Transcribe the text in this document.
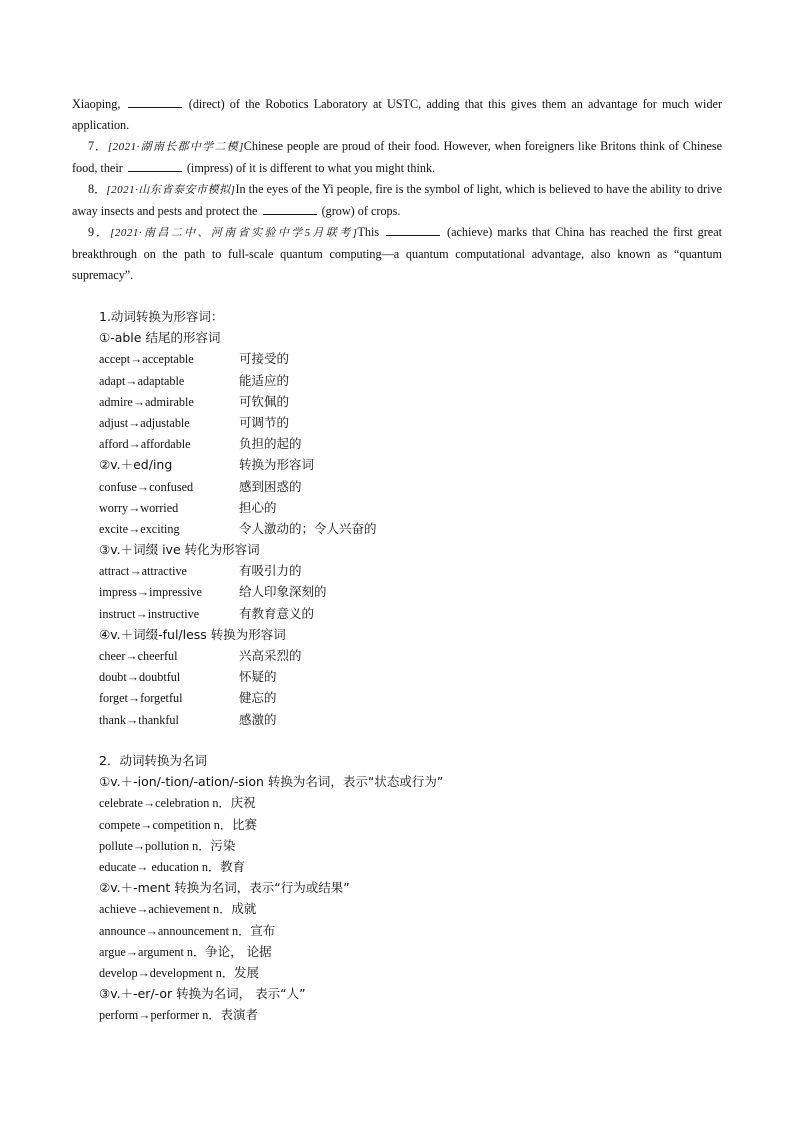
Xiaoping,	(direct) of the Robotics Laboratory at USTC, adding that this gives them an advantage for much wider application.

7．[2021·湖南长郡中学二模]Chinese people are proud of their food. However, when foreigners like Britons think of Chinese food, their	(impress) of it is different to what you might think.

8．[2021·山东省泰安市模拟]In the eyes of the Yi people, fire is the symbol of light, which is believed to have the ability to drive away insects and pests and protect the	(grow) of crops.

9．[2021·南昌二中、河南省实验中学5月联考]This	(achieve) marks that China has reached the first great breakthrough on the path to full-scale quantum computing—a quantum computational advantage, also known as “quantum supremacy”.

1.动词转换为形容词：
①-able 结尾的形容词
accept→acceptable	可接受的
adapt→adaptable	能适应的
admire→admirable	可钦佩的
adjust→adjustable	可调节的
afford→affordable	负担的起的
②v.＋ed/ing	转换为形容词
confuse→confused	感到困惑的
worry→worried	担心的
excite→exciting	令人激动的；令人兴奋的
③v.＋词缀 ive 转化为形容词
attract→attractive	有吸引力的
impress→impressive	给人印象深刻的
instruct→instructive	有教育意义的
④v.＋词缀-ful/less 转换为形容词
cheer→cheerful	兴高采烈的
doubt→doubtful	怀疑的
forget→forgetful	健忘的
thank→thankful	感激的
2．动词转换为名词
①v.＋-ion/-tion/-ation/-sion 转换为名词，表示“状态或行为”
celebrate→celebration n．庆祝
compete→competition n．比赛
pollute→pollution n．污染
educate→ education n．教育
②v.＋-ment 转换为名词，表示“行为或结果”
achieve→achievement n．成就
announce→announcement n．宣布
argue→argument n．争论， 论据
develop→development n．发展
③v.＋-er/-or 转换为名词， 表示“人”
perform→performer n．表演者
